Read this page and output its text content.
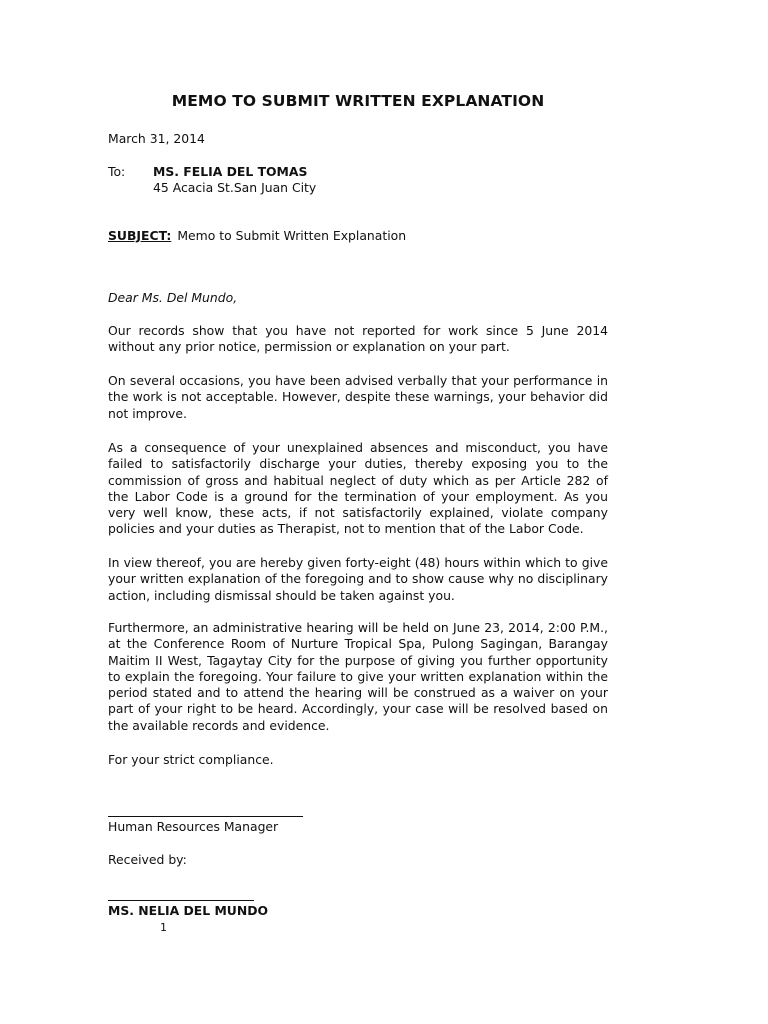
MEMO TO SUBMIT WRITTEN EXPLANATION
March 31, 2014
To: MS. FELIA DEL TOMAS
45 Acacia St.San Juan City
SUBJECT: Memo to Submit Written Explanation
Dear Ms. Del Mundo,

Our records show that you have not reported for work since 5 June 2014 without any prior notice, permission or explanation on your part.

On several occasions, you have been advised verbally that your performance in the work is not acceptable. However, despite these warnings, your behavior did not improve.

As a consequence of your unexplained absences and misconduct, you have failed to satisfactorily discharge your duties, thereby exposing you to the commission of gross and habitual neglect of duty which as per Article 282 of the Labor Code is a ground for the termination of your employment. As you very well know, these acts, if not satisfactorily explained, violate company policies and your duties as Therapist, not to mention that of the Labor Code.

In view thereof, you are hereby given forty-eight (48) hours within which to give your written explanation of the foregoing and to show cause why no disciplinary action, including dismissal should be taken against you.

Furthermore, an administrative hearing will be held on June 23, 2014, 2:00 P.M., at the Conference Room of Nurture Tropical Spa, Pulong Sagingan, Barangay Maitim II West, Tagaytay City for the purpose of giving you further opportunity to explain the foregoing. Your failure to give your written explanation within the period stated and to attend the hearing will be construed as a waiver on your part of your right to be heard. Accordingly, your case will be resolved based on the available records and evidence.

For your strict compliance.
Human Resources Manager
Received by:
MS. NELIA DEL MUNDO
1
